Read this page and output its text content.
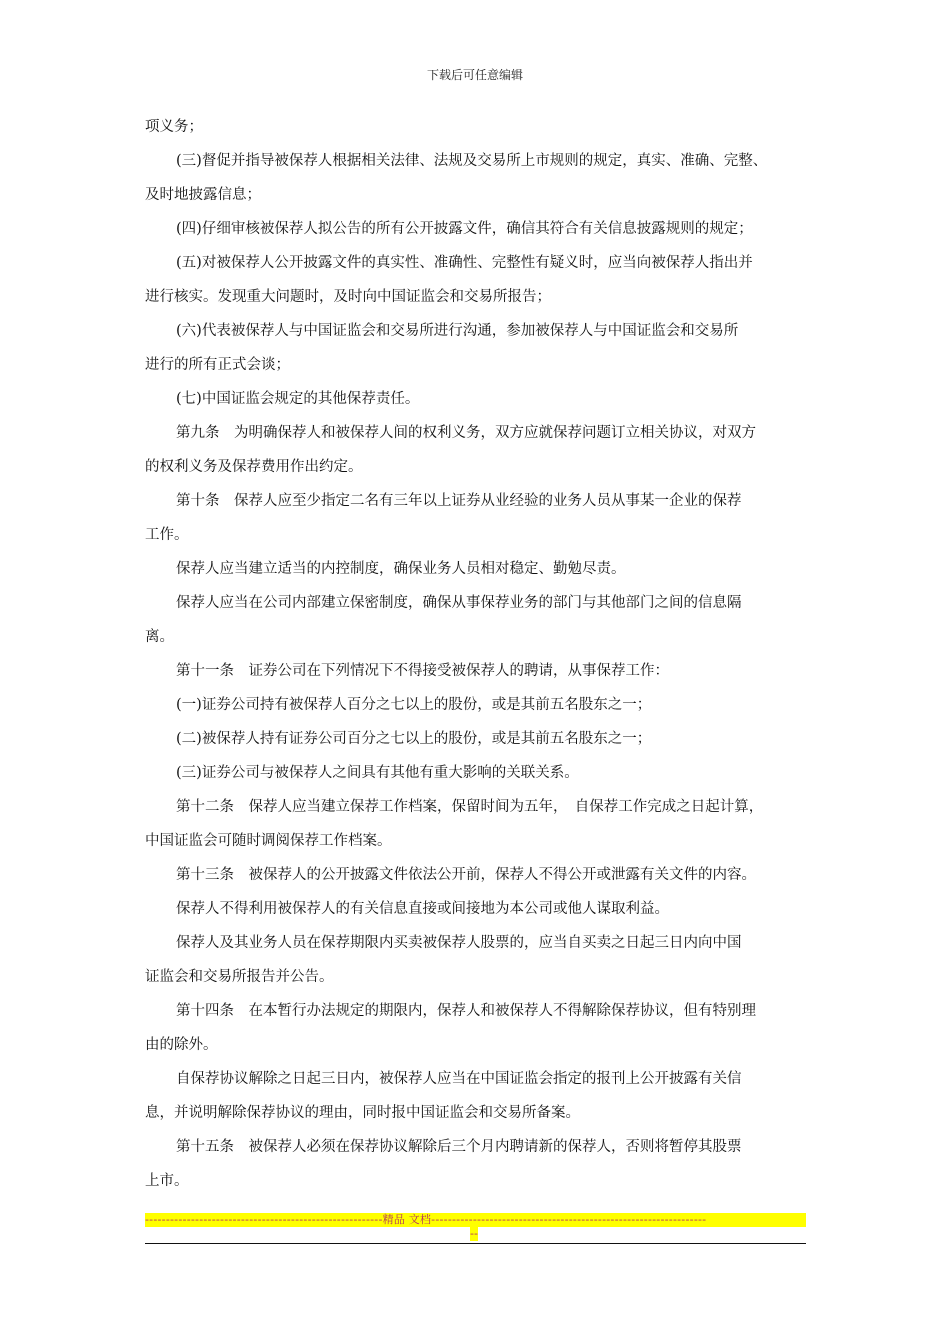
下载后可任意编辑
项义务；
(三)督促并指导被保荐人根据相关法律、法规及交易所上市规则的规定，真实、准确、完整、
及时地披露信息；
(四)仔细审核被保荐人拟公告的所有公开披露文件，确信其符合有关信息披露规则的规定；
(五)对被保荐人公开披露文件的真实性、准确性、完整性有疑义时，应当向被保荐人指出并
进行核实。发现重大问题时，及时向中国证监会和交易所报告；
(六)代表被保荐人与中国证监会和交易所进行沟通，参加被保荐人与中国证监会和交易所
进行的所有正式会谈；
(七)中国证监会规定的其他保荐责任。
第九条　为明确保荐人和被保荐人间的权利义务，双方应就保荐问题订立相关协议，对双方
的权利义务及保荐费用作出约定。
第十条　保荐人应至少指定二名有三年以上证券从业经验的业务人员从事某一企业的保荐
工作。
保荐人应当建立适当的内控制度，确保业务人员相对稳定、勤勉尽责。
保荐人应当在公司内部建立保密制度，确保从事保荐业务的部门与其他部门之间的信息隔
离。
第十一条　证券公司在下列情况下不得接受被保荐人的聘请，从事保荐工作：
(一)证券公司持有被保荐人百分之七以上的股份，或是其前五名股东之一；
(二)被保荐人持有证券公司百分之七以上的股份，或是其前五名股东之一；
(三)证券公司与被保荐人之间具有其他有重大影响的关联关系。
第十二条　保荐人应当建立保荐工作档案，保留时间为五年，　自保荐工作完成之日起计算，
中国证监会可随时调阅保荐工作档案。
第十三条　被保荐人的公开披露文件依法公开前，保荐人不得公开或泄露有关文件的内容。
保荐人不得利用被保荐人的有关信息直接或间接地为本公司或他人谋取利益。
保荐人及其业务人员在保荐期限内买卖被保荐人股票的，应当自买卖之日起三日内向中国
证监会和交易所报告并公告。
第十四条　在本暂行办法规定的期限内，保荐人和被保荐人不得解除保荐协议，但有特别理
由的除外。
自保荐协议解除之日起三日内，被保荐人应当在中国证监会指定的报刊上公开披露有关信
息，并说明解除保荐协议的理由，同时报中国证监会和交易所备案。
第十五条　被保荐人必须在保荐协议解除后三个月内聘请新的保荐人，否则将暂停其股票
上市。
---------------------------------------------------------精品 文档------------------------------------------------------------------
--
